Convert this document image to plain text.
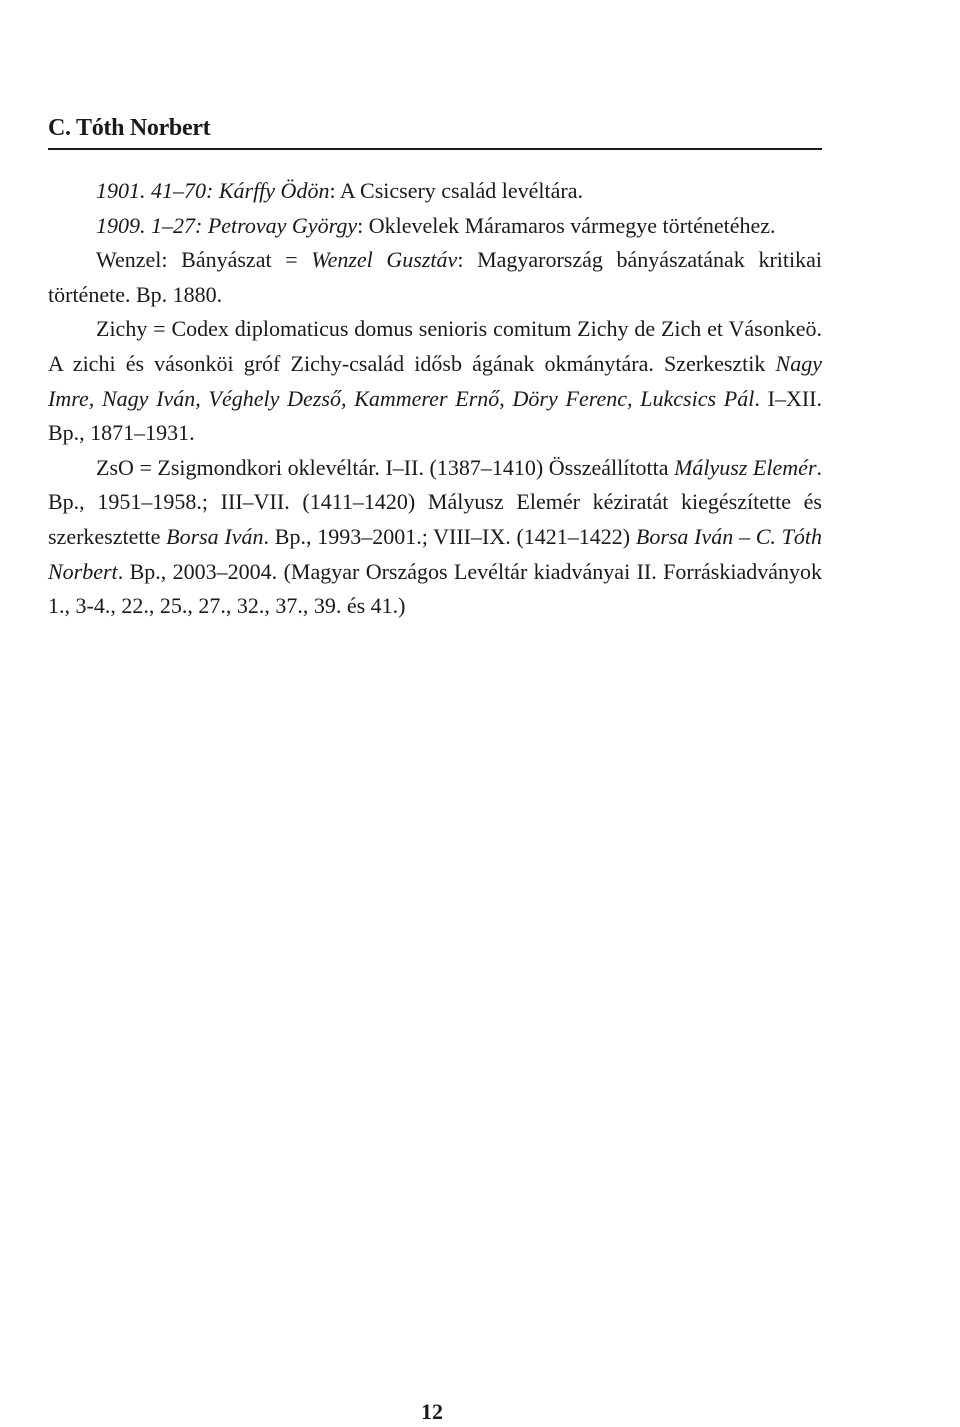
C. Tóth Norbert

1901. 41–70: Kárffy Ödön: A Csicsery család levéltára.

1909. 1–27: Petrovay György: Oklevelek Máramaros vármegye történetéhez.

Wenzel: Bányászat = Wenzel Gusztáv: Magyarország bányászatának kritikai története. Bp. 1880.

Zichy = Codex diplomaticus domus senioris comitum Zichy de Zich et Vásonkeö. A zichi és vásonköi gróf Zichy-család idősb ágának okmánytára. Szerkesztik Nagy Imre, Nagy Iván, Véghely Dezső, Kammerer Ernő, Döry Ferenc, Lukcsics Pál. I–XII. Bp., 1871–1931.

ZsO = Zsigmondkori oklevéltár. I–II. (1387–1410) Összeállította Mályusz Elemér. Bp., 1951–1958.; III–VII. (1411–1420) Mályusz Elemér kéziratát kiegészítette és szerkesztette Borsa Iván. Bp., 1993–2001.; VIII–IX. (1421–1422) Borsa Iván – C. Tóth Norbert. Bp., 2003–2004. (Magyar Országos Levéltár kiadványai II. Forráskiadványok 1., 3-4., 22., 25., 27., 32., 37., 39. és 41.)

12
